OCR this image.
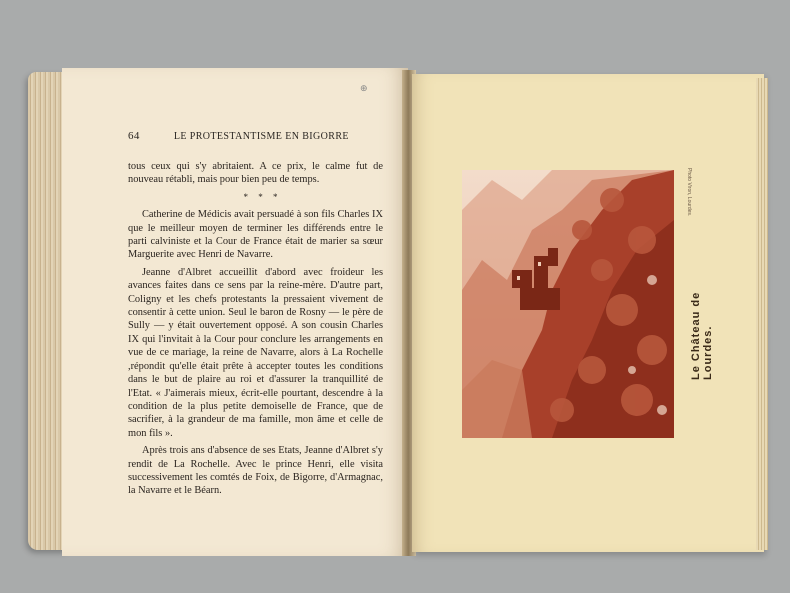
⊕
64	LE PROTESTANTISME EN BIGORRE

tous ceux qui s'y abritaient. A ce prix, le calme fut de nouveau rétabli, mais pour bien peu de temps.

* * *

Catherine de Médicis avait persuadé à son fils Charles IX que le meilleur moyen de terminer les différends entre le parti calviniste et la Cour de France était de marier sa sœur Marguerite avec Henri de Navarre.

Jeanne d'Albret accueillit d'abord avec froideur les avances faites dans ce sens par la reine-mère. D'autre part, Coligny et les chefs protestants la pressaient vivement de consentir à cette union. Seul le baron de Rosny — le père de Sully — y était ouvertement opposé. A son cousin Charles IX qui l'invitait à la Cour pour conclure les arrangements en vue de ce mariage, la reine de Navarre, alors à La Rochelle ,répondit qu'elle était prête à accepter toutes les conditions dans le but de plaire au roi et d'assurer la tranquillité de l'Etat. « J'aimerais mieux, écrit-elle pourtant, descendre à la condition de la plus petite demoiselle de France, que de sacrifier, à la grandeur de ma famille, mon âme et celle de mon fils ».

Après trois ans d'absence de ses Etats, Jeanne d'Albret s'y rendit de La Rochelle. Avec le prince Henri, elle visita successivement les comtés de Foix, de Bigorre, d'Armagnac, la Navarre et le Béarn.

Photo Viron, Lourdes.
Le Château de Lourdes.
